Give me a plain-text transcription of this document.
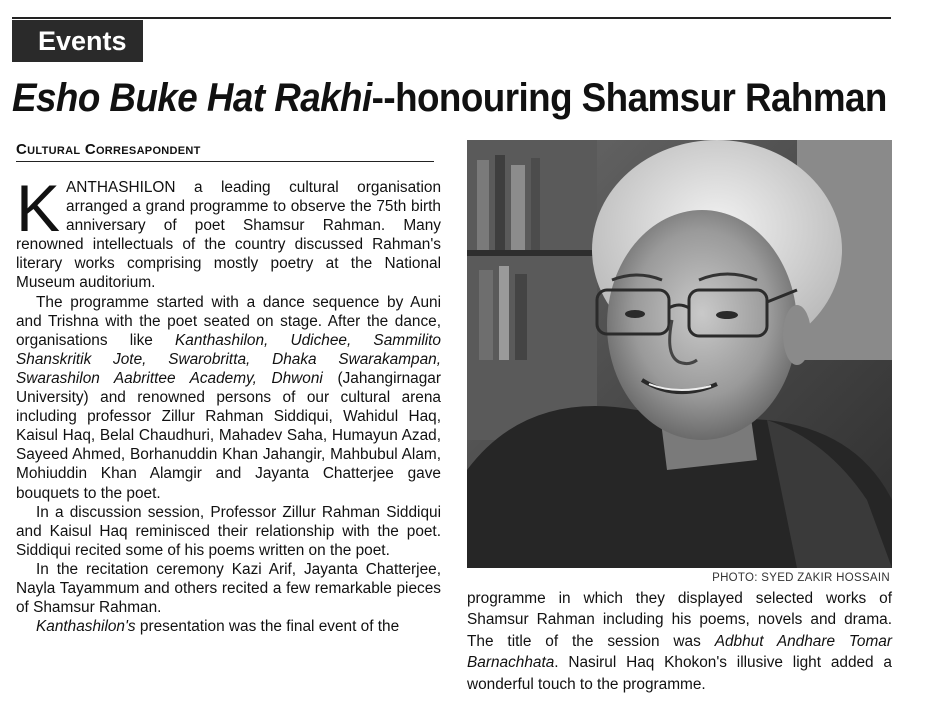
Events
Esho Buke Hat Rakhi--honouring Shamsur Rahman
Cultural Corresapondent

KANTHASHILON a leading cultural organisation arranged a grand programme to observe the 75th birth anniversary of poet Shamsur Rahman. Many renowned intellectuals of the country discussed Rahman's literary works comprising mostly poetry at the National Museum auditorium.

The programme started with a dance sequence by Auni and Trishna with the poet seated on stage. After the dance, organisations like Kanthashilon, Udichee, Sammilito Shanskritik Jote, Swarobritta, Dhaka Swarakampan, Swarashilon Aabrittee Academy, Dhwoni (Jahangirnagar University) and renowned persons of our cultural arena including professor Zillur Rahman Siddiqui, Wahidul Haq, Kaisul Haq, Belal Chaudhuri, Mahadev Saha, Humayun Azad, Sayeed Ahmed, Borhanuddin Khan Jahangir, Mahbubul Alam, Mohiuddin Khan Alamgir and Jayanta Chatterjee gave bouquets to the poet.

In a discussion session, Professor Zillur Rahman Siddiqui and Kaisul Haq reminisced their relationship with the poet. Siddiqui recited some of his poems written on the poet.

In the recitation ceremony Kazi Arif, Jayanta Chatterjee, Nayla Tayammum and others recited a few remarkable pieces of Shamsur Rahman.

Kanthashilon's presentation was the final event of the

PHOTO: SYED ZAKIR HOSSAIN

programme in which they displayed selected works of Shamsur Rahman including his poems, novels and drama. The title of the session was Adbhut Andhare Tomar Barnachhata. Nasirul Haq Khokon's illusive light added a wonderful touch to the programme.
